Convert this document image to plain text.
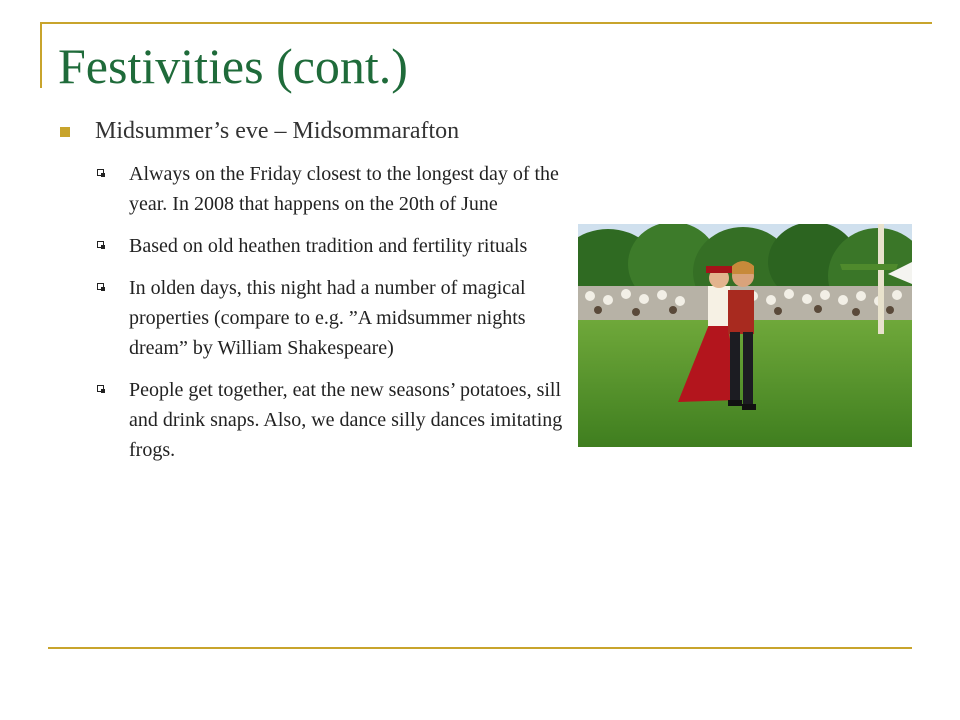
Festivities (cont.)
Midsummer’s eve – Midsommarafton
Always on the Friday closest to the longest day of the year. In 2008 that happens on the 20th of June
Based on old heathen tradition and fertility rituals
In olden days, this night had a number of magical properties (compare to e.g. ”A midsummer nights dream” by William Shakespeare)
People get together, eat the new seasons’ potatoes, sill and drink snaps. Also, we dance silly dances imitating frogs.
